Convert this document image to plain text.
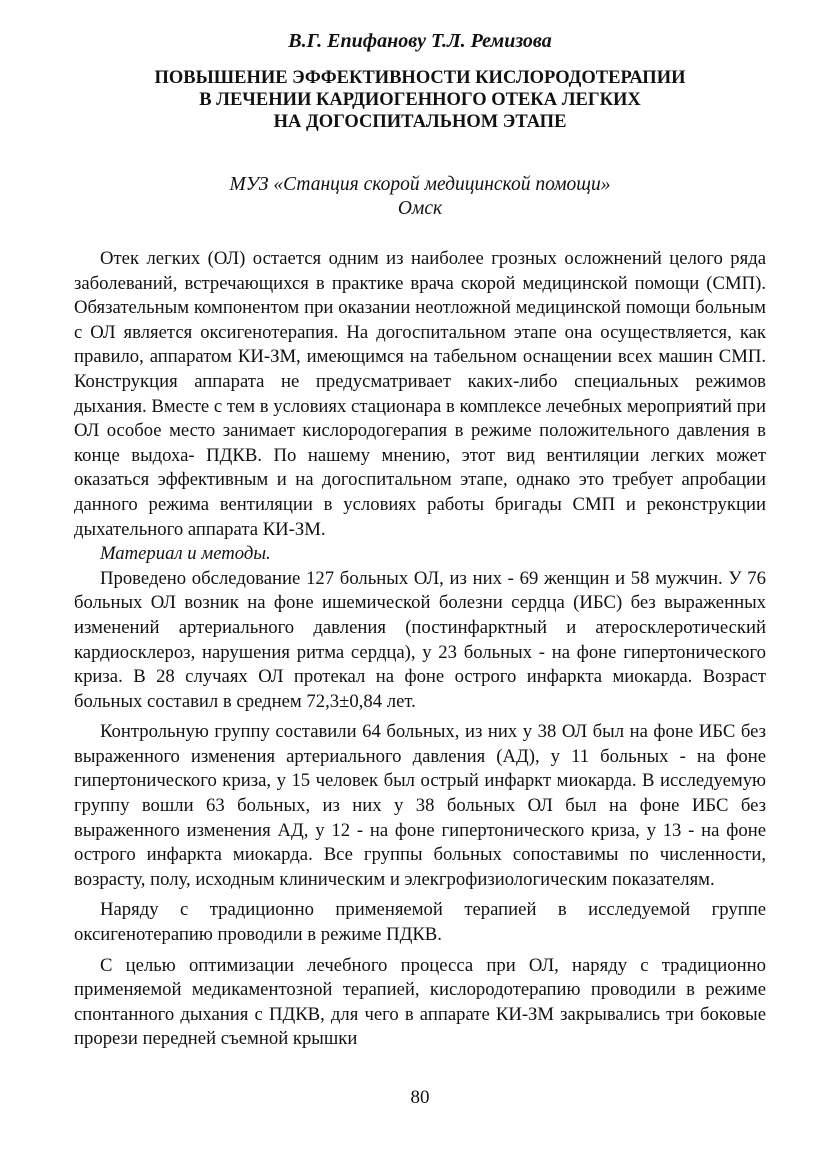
В.Г. Епифанову Т.Л. Ремизова
ПОВЫШЕНИЕ ЭФФЕКТИВНОСТИ КИСЛОРОДОТЕРАПИИ
В ЛЕЧЕНИИ КАРДИОГЕННОГО ОТЕКА ЛЕГКИХ
НА ДОГОСПИТАЛЬНОМ ЭТАПЕ
МУЗ «Станция скорой медицинской помощи»
Омск

Отек легких (ОЛ) остается одним из наиболее грозных осложнений целого ряда заболеваний, встречающихся в практике врача скорой медицинской помощи (СМП). Обязательным компонентом при оказании неотложной медицинской помощи больным с ОЛ является оксигенотерапия. На догоспитальном этапе она осуществляется, как правило, аппаратом КИ-ЗМ, имеющимся на табельном оснащении всех машин СМП. Конструкция аппарата не предусматривает каких-либо специальных режимов дыхания. Вместе с тем в условиях стационара в комплексе лечебных мероприятий при ОЛ особое место занимает кислородогерапия в режиме положительного давления в конце выдоха- ПДКВ. По нашему мнению, этот вид вентиляции легких может оказаться эффективным и на догоспитальном этапе, однако это требует апробации данного режима вентиляции в условиях работы бригады СМП и реконструкции дыхательного аппарата КИ-ЗМ.

Материал и методы.

Проведено обследование 127 больных ОЛ, из них - 69 женщин и 58 мужчин. У 76 больных ОЛ возник на фоне ишемической болезни сердца (ИБС) без выраженных изменений артериального давления (постинфарктный и атеросклеротический кардиосклероз, нарушения ритма сердца), у 23 больных - на фоне гипертонического криза. В 28 случаях ОЛ протекал на фоне острого инфаркта миокарда. Возраст больных составил в среднем 72,3±0,84 лет.

Контрольную группу составили 64 больных, из них у 38 ОЛ был на фоне ИБС без выраженного изменения артериального давления (АД), у 11 больных - на фоне гипертонического криза, у 15 человек был острый инфаркт миокарда. В исследуемую группу вошли 63 больных, из них у 38 больных ОЛ был на фоне ИБС без выраженного изменения АД, у 12 - на фоне гипертонического криза, у 13 - на фоне острого инфаркта миокарда. Все группы больных сопоставимы по численности, возрасту, полу, исходным клиническим и элекгрофизиологическим показателям.

Наряду с традиционно применяемой терапией в исследуемой группе оксигенотерапию проводили в режиме ПДКВ.

С целью оптимизации лечебного процесса при ОЛ, наряду с традиционно применяемой медикаментозной терапией, кислородотерапию проводили в режиме спонтанного дыхания с ПДКВ, для чего в аппарате КИ-ЗМ закрывались три боковые прорези передней съемной крышки

80
